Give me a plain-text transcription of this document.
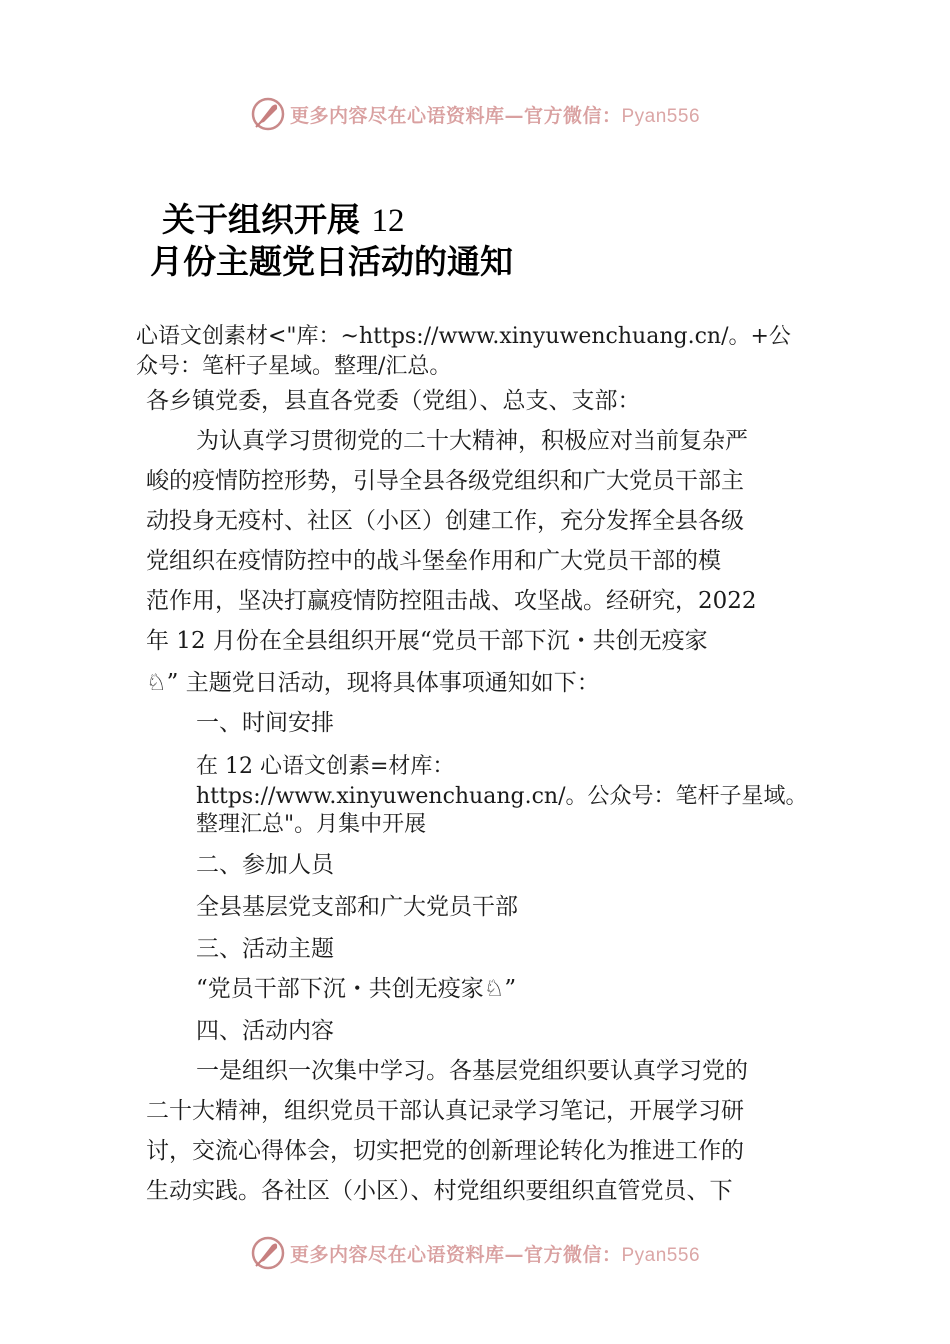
更多内容尽在心语资料库—官方微信：Pyan556
关于组织开展 12
月份主题党日活动的通知
心语文创素材<"库：~https://www.xinyuwenchuang.cn/。+公
众号：笔杆子星域。整理/汇总。
各乡镇党委，县直各党委（党组）、总支、支部：
为认真学习贯彻党的二十大精神，积极应对当前复杂严
峻的疫情防控形势，引导全县各级党组织和广大党员干部主
动投身无疫村、社区（小区）创建工作，充分发挥全县各级
党组织在疫情防控中的战斗堡垒作用和广大党员干部的模
范作用，坚决打赢疫情防控阻击战、攻坚战。经研究，2022
年 12 月份在全县组织开展“党员干部下沉・共创无疫家
♘” 主题党日活动，现将具体事项通知如下：
一、时间安排
在 12 心语文创素=材库：
https://www.xinyuwenchuang.cn/。公众号：笔杆子星域。
整理汇总"。月集中开展
二、参加人员
全县基层党支部和广大党员干部
三、活动主题
“党员干部下沉・共创无疫家♘”
四、活动内容
一是组织一次集中学习。各基层党组织要认真学习党的
二十大精神，组织党员干部认真记录学习笔记，开展学习研
讨，交流心得体会，切实把党的创新理论转化为推进工作的
生动实践。各社区（小区）、村党组织要组织直管党员、下
更多内容尽在心语资料库—官方微信：Pyan556
